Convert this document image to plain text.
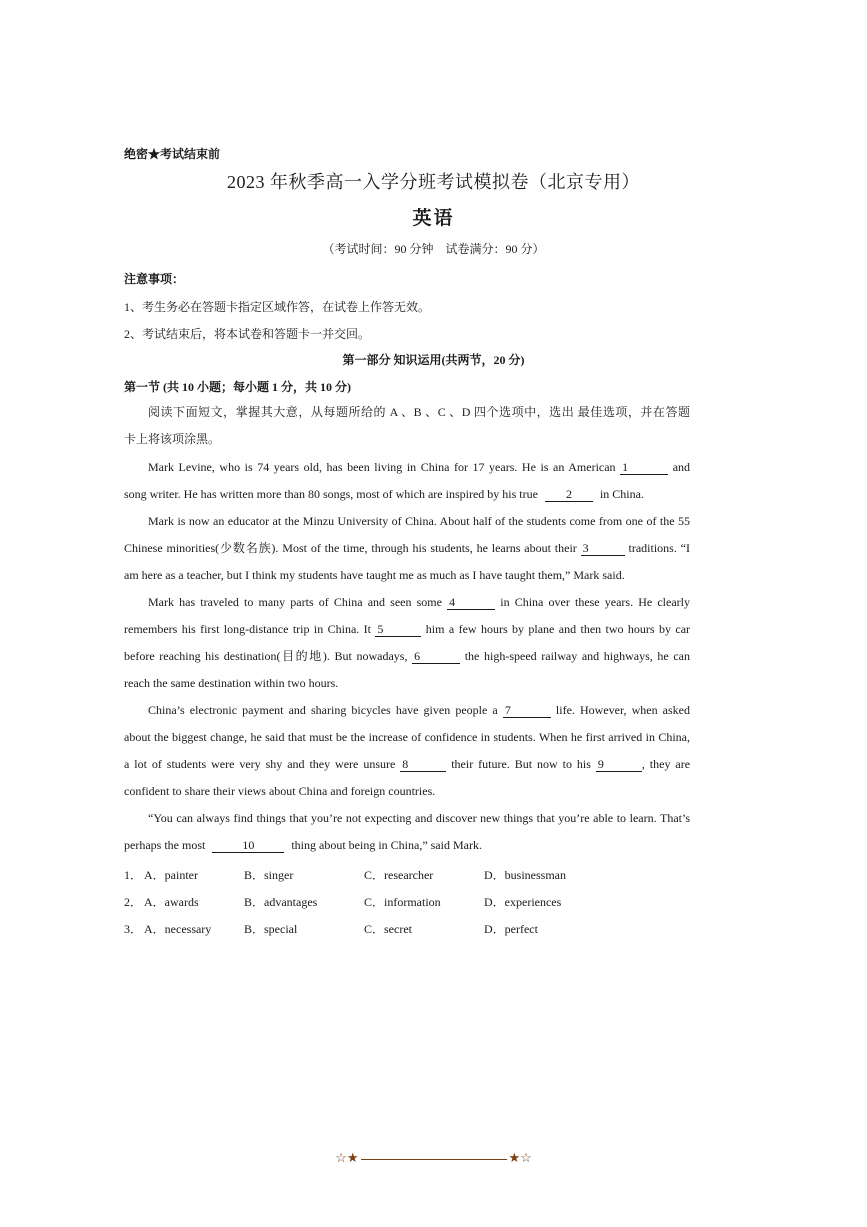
绝密★考试结束前
2023 年秋季高一入学分班考试模拟卷（北京专用）
英语
（考试时间：90 分钟　试卷满分：90 分）
注意事项：
1、考生务必在答题卡指定区域作答，在试卷上作答无效。
2、考试结束后，将本试卷和答题卡一并交回。
第一部分 知识运用(共两节，20 分)
第一节 (共 10 小题；每小题 1 分，共 10 分)
阅读下面短文，掌握其大意，从每题所给的 A 、B 、C 、D 四个选项中，选出 最佳选项，并在答题
卡上将该项涂黑。
Mark Levine, who is 74 years old, has been living in China for 17 years. He is an American 1	and
song writer. He has written more than 80 songs, most of which are inspired by his true 2 in China.
Mark is now an educator at the Minzu University of China. About half of the students come from one of the 55
Chinese minorities(少数名族). Most of the time, through his students, he learns about their 3	traditions. “I
am here as a teacher, but I think my students have taught me as much as I have taught them,” Mark said.
Mark has traveled to many parts of China and seen some 4	in China over these years. He clearly
remembers his first long-distance trip in China. It 5	him a few hours by plane and then two hours by car
before reaching his destination(目的地). But nowadays, 6	the high-speed railway and highways, he can
reach the same destination within two hours.
China’s electronic payment and sharing bicycles have given people a 7	life. However, when asked
about the biggest change, he said that must be the increase of confidence in students. When he first arrived in China,
a lot of students were very shy and they were unsure 8	their future. But now to his 9	, they are
confident to share their views about China and foreign countries.
“You can always find things that you’re not expecting and discover new things that you’re able to learn. That’s
perhaps the most	10	thing about being in China,” said Mark.
1． A．painter	B．singer	C．researcher	D．businessman
2． A．awards	B．advantages	C．information	D．experiences
3． A．necessary	B．special	C．secret	D．perfect
☆★	★☆
